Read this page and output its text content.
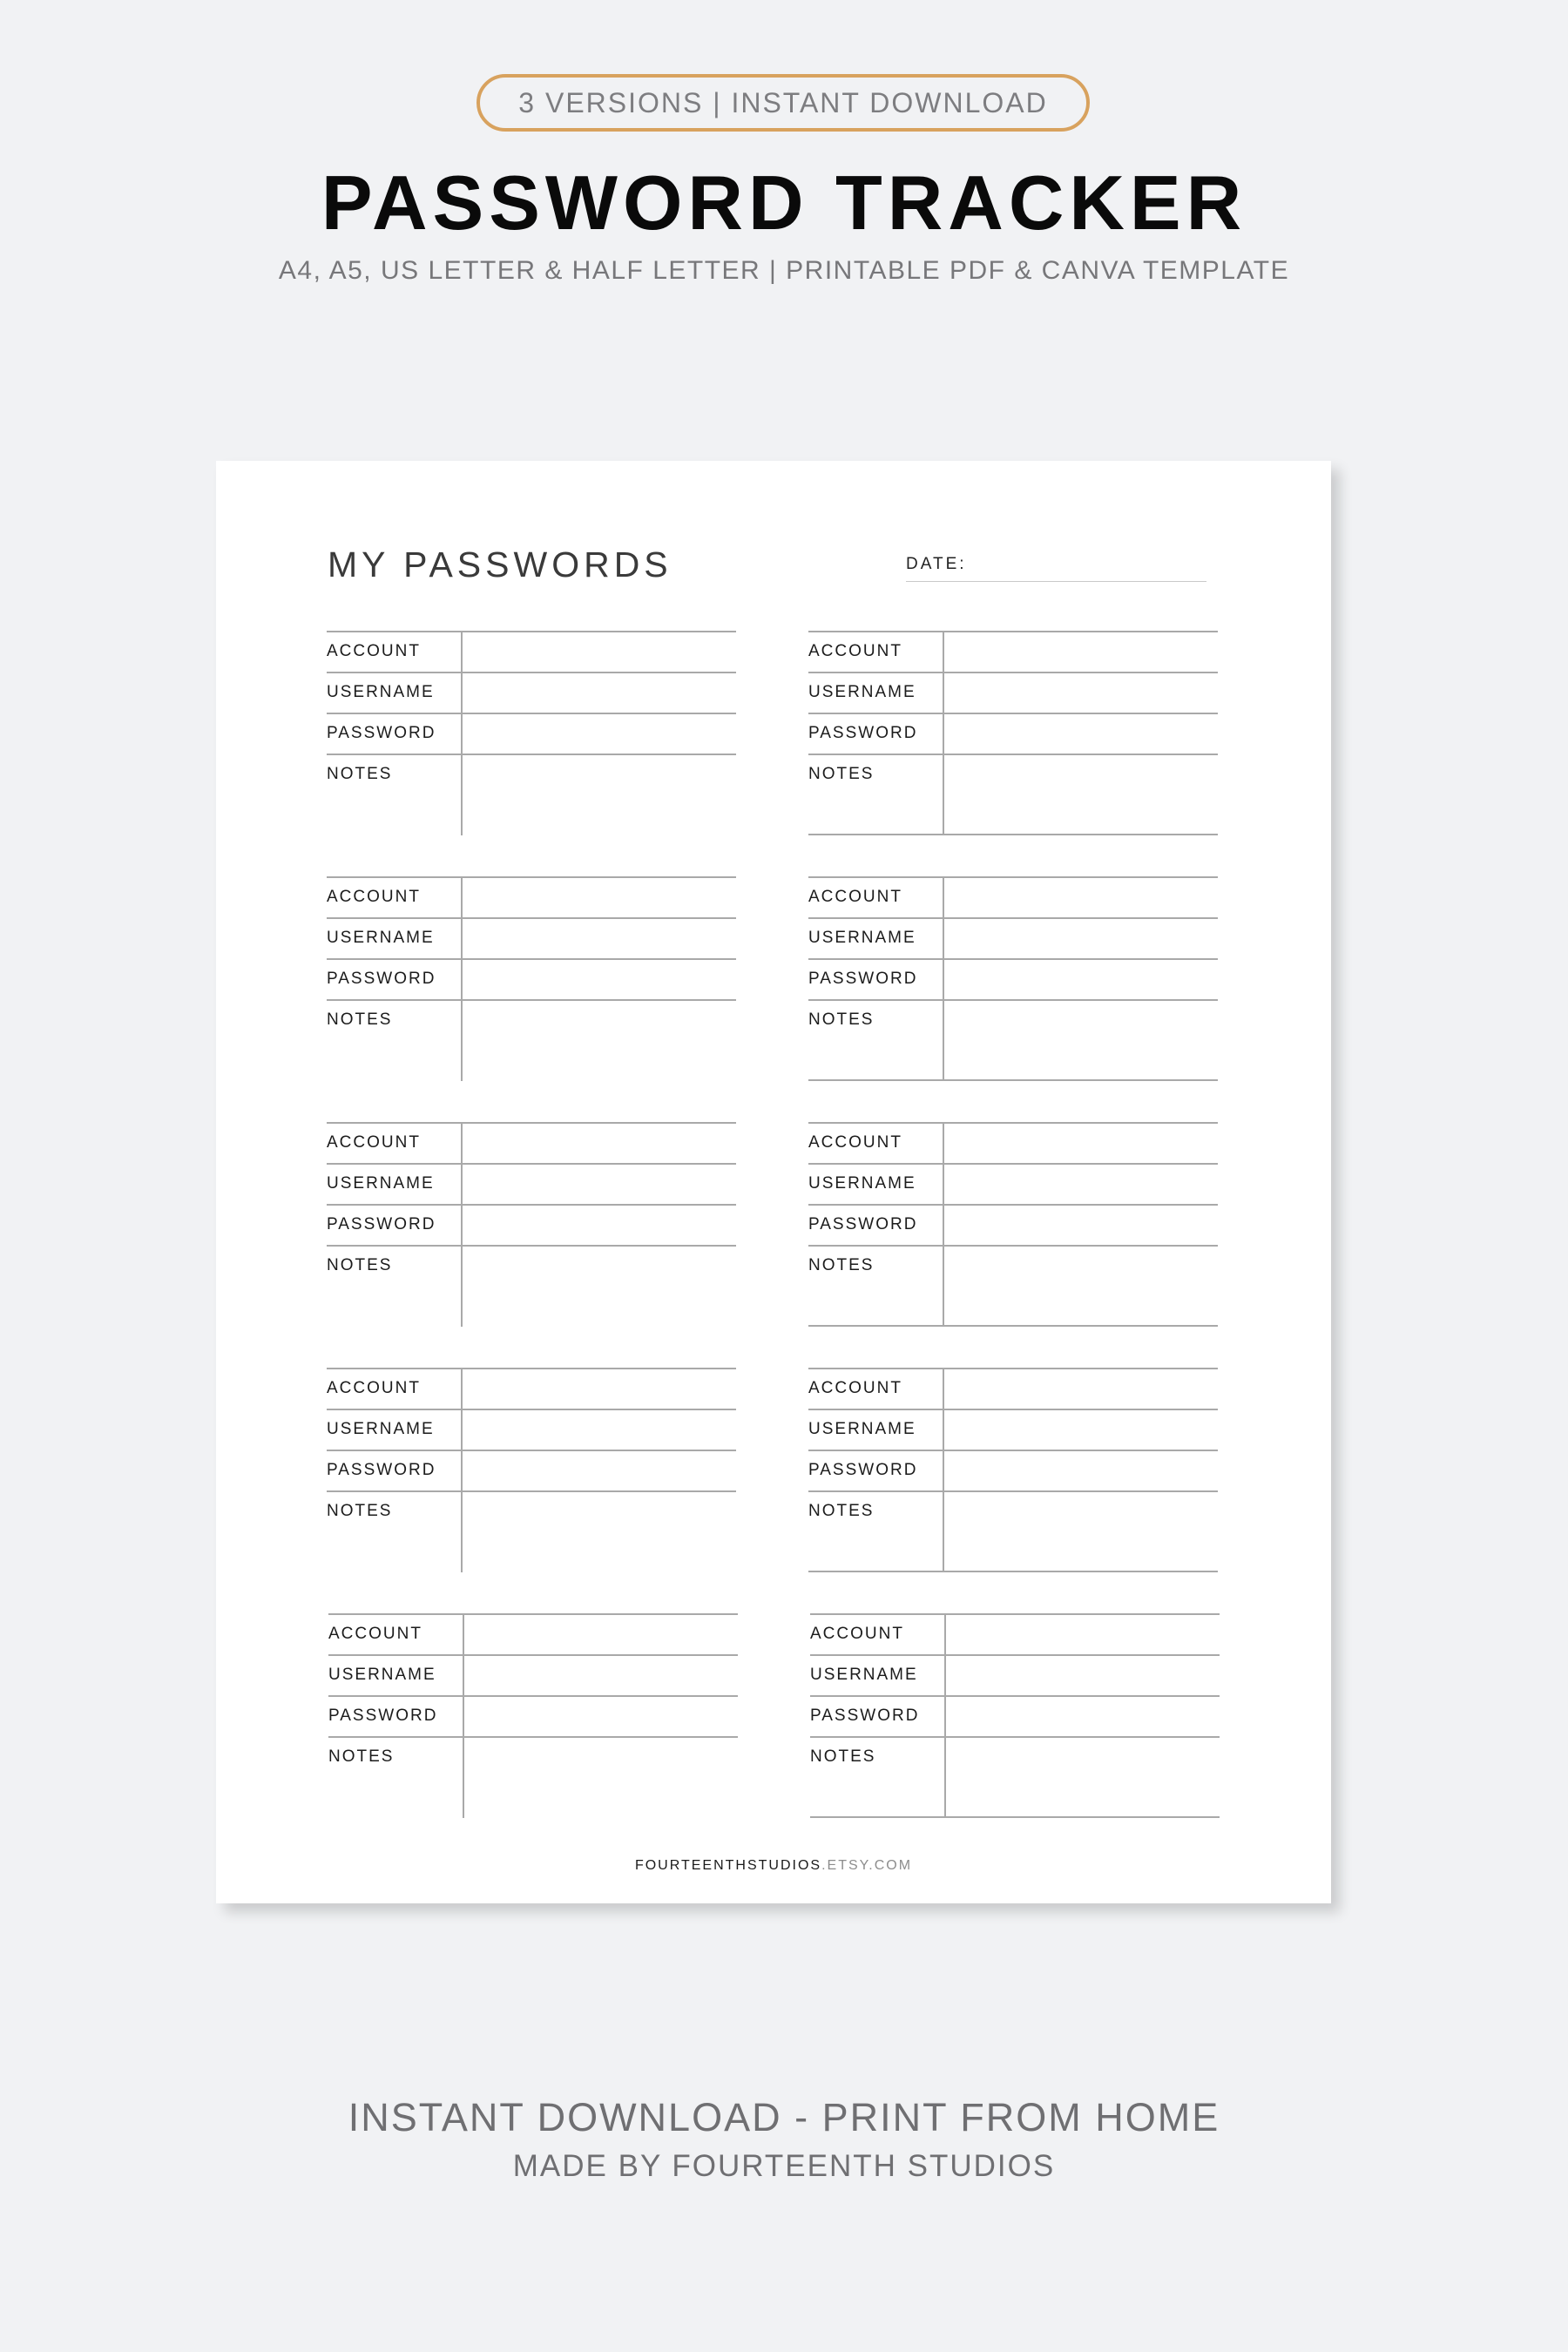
3 VERSIONS | INSTANT DOWNLOAD
PASSWORD TRACKER
A4, A5, US LETTER & HALF LETTER | PRINTABLE PDF & CANVA TEMPLATE
MY PASSWORDS	DATE:
ACCOUNT
USERNAME
PASSWORD
NOTES
ACCOUNT
USERNAME
PASSWORD
NOTES
ACCOUNT
USERNAME
PASSWORD
NOTES
ACCOUNT
USERNAME
PASSWORD
NOTES
ACCOUNT
USERNAME
PASSWORD
NOTES
ACCOUNT
USERNAME
PASSWORD
NOTES
ACCOUNT
USERNAME
PASSWORD
NOTES
ACCOUNT
USERNAME
PASSWORD
NOTES
ACCOUNT
USERNAME
PASSWORD
NOTES
ACCOUNT
USERNAME
PASSWORD
NOTES
FOURTEENTHSTUDIOS.ETSY.COM
INSTANT DOWNLOAD - PRINT FROM HOME
MADE BY FOURTEENTH STUDIOS
